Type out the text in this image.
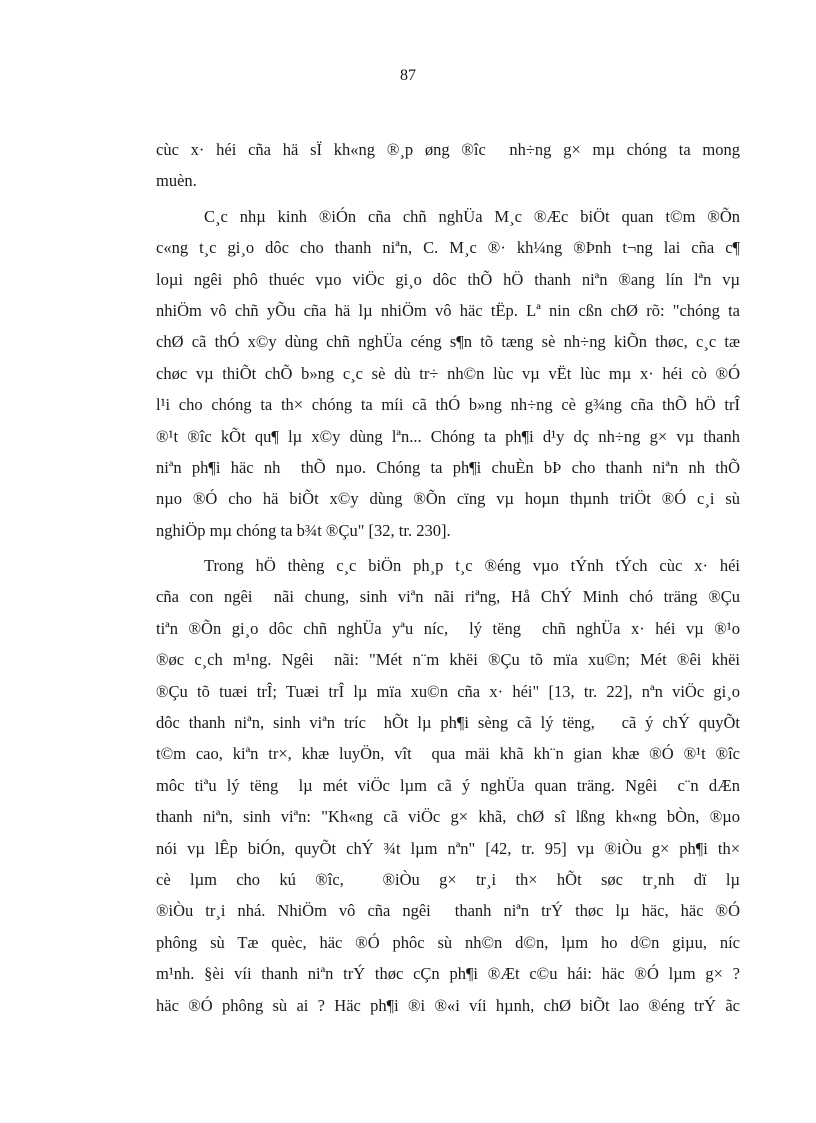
87
cùc x· héi cña hä sÏ kh«ng ®¸p øng ®îc  nh÷ng g× mµ chóng ta mong
muèn.
C¸c nhµ kinh ®iÓn cña chñ nghÜa M¸c ®Æc biÖt quan t©m ®Õn
c«ng t¸c gi¸o dôc cho thanh niªn, C. M¸c ®· kh¼ng ®Þnh t¬ng lai cña c¶
loµi ngêi phô thuéc vµo viÖc gi¸o dôc thÕ hÖ thanh niªn ®ang lín lªn vµ
nhiÖm vô chñ yÕu cña hä lµ nhiÖm vô häc tËp. Lª nin cßn chØ rõ: "chóng ta
chØ cã thÓ x©y dùng chñ nghÜa céng s¶n tõ tæng sè nh÷ng kiÕn thøc, c¸c tæ
chøc vµ thiÕt chÕ b»ng c¸c sè dù tr÷ nh©n lùc vµ vËt lùc mµ x· héi cò ®Ó
l¹i cho chóng ta th× chóng ta míi cã thÓ b»ng nh÷ng cè g¾ng cña thÕ hÖ trÎ
®¹t ®îc kÕt qu¶ lµ x©y dùng lªn... Chóng ta ph¶i d¹y dç nh÷ng g× vµ thanh
niªn ph¶i häc nh  thÕ nµo. Chóng ta ph¶i chuÈn bÞ cho thanh niªn nh thÕ
nµo ®Ó cho hä biÕt x©y dùng ®Õn cïng vµ hoµn thµnh triÖt ®Ó c¸i sù
nghiÖp mµ chóng ta b¾t ®Çu" [32, tr. 230].
Trong hÖ thèng c¸c biÖn ph¸p t¸c ®éng vµo tÝnh tÝch cùc x· héi
cña con ngêi  nãi chung, sinh viªn nãi riªng, Hå ChÝ Minh chó träng ®Çu
tiªn ®Õn gi¸o dôc chñ nghÜa yªu níc,  lý tëng  chñ nghÜa x· héi vµ ®¹o
®øc c¸ch m¹ng. Ngêi  nãi: "Mét n¨m khëi ®Çu tõ mïa xu©n; Mét ®êi khëi
®Çu tõ tuæi trÎ; Tuæi trÎ lµ mïa xu©n cña x· héi" [13, tr. 22], nªn viÖc gi¸o
dôc thanh niªn, sinh viªn tríc  hÕt lµ ph¶i sèng cã lý tëng,   cã ý chÝ quyÕt
t©m cao, kiªn tr×, khæ luyÖn, vît  qua mäi khã kh¨n gian khæ ®Ó ®¹t ®îc
môc tiªu lý tëng  lµ mét viÖc lµm cã ý nghÜa quan träng. Ngêi  c¨n dÆn
thanh niªn, sinh viªn: "Kh«ng cã viÖc g× khã, chØ sî lßng kh«ng bÒn, ®µo
nói vµ lÊp biÓn, quyÕt chÝ ¾t lµm nªn" [42, tr. 95] vµ ®iÒu g× ph¶i th×
cè lµm cho kú ®îc,  ®iÒu g× tr¸i th× hÕt søc tr¸nh dï lµ
®iÒu tr¸i nhá. NhiÖm vô cña ngêi  thanh niªn trÝ thøc lµ häc, häc ®Ó
phông sù Tæ quèc, häc ®Ó phôc sù nh©n d©n, lµm ho d©n giµu, níc
m¹nh. §èi víi thanh niªn trÝ thøc cÇn ph¶i ®Æt c©u hái: häc ®Ó lµm g× ?
häc ®Ó phông sù ai ? Häc ph¶i ®i ®«i víi hµnh, chØ biÕt lao ®éng trÝ ãc
